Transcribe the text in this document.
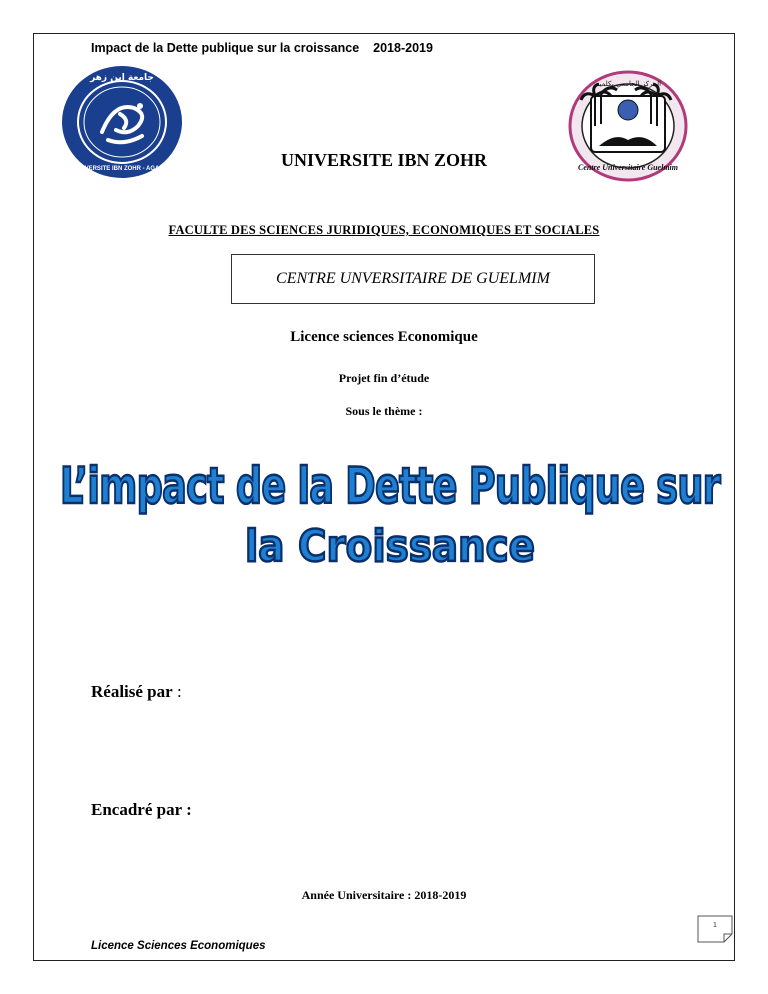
Impact de la Dette publique sur la croissance 2018-2019
UNIVERSITE IBN ZOHR - AGADIR
جامعة ابن زهر
Centre Universitaire Guelmim
المركز الجامعي بكلميم
UNIVERSITE IBN ZOHR
FACULTE DES SCIENCES JURIDIQUES, ECONOMIQUES ET SOCIALES
CENTRE UNVERSITAIRE DE GUELMIM
Licence sciences Economique
Projet fin d’étude
Sous le thème :
L’impact de la Dette Publique sur
la Croissance
Réalisé par :
Encadré par :
Année Universitaire : 2018-2019
Licence Sciences Economiques
1
